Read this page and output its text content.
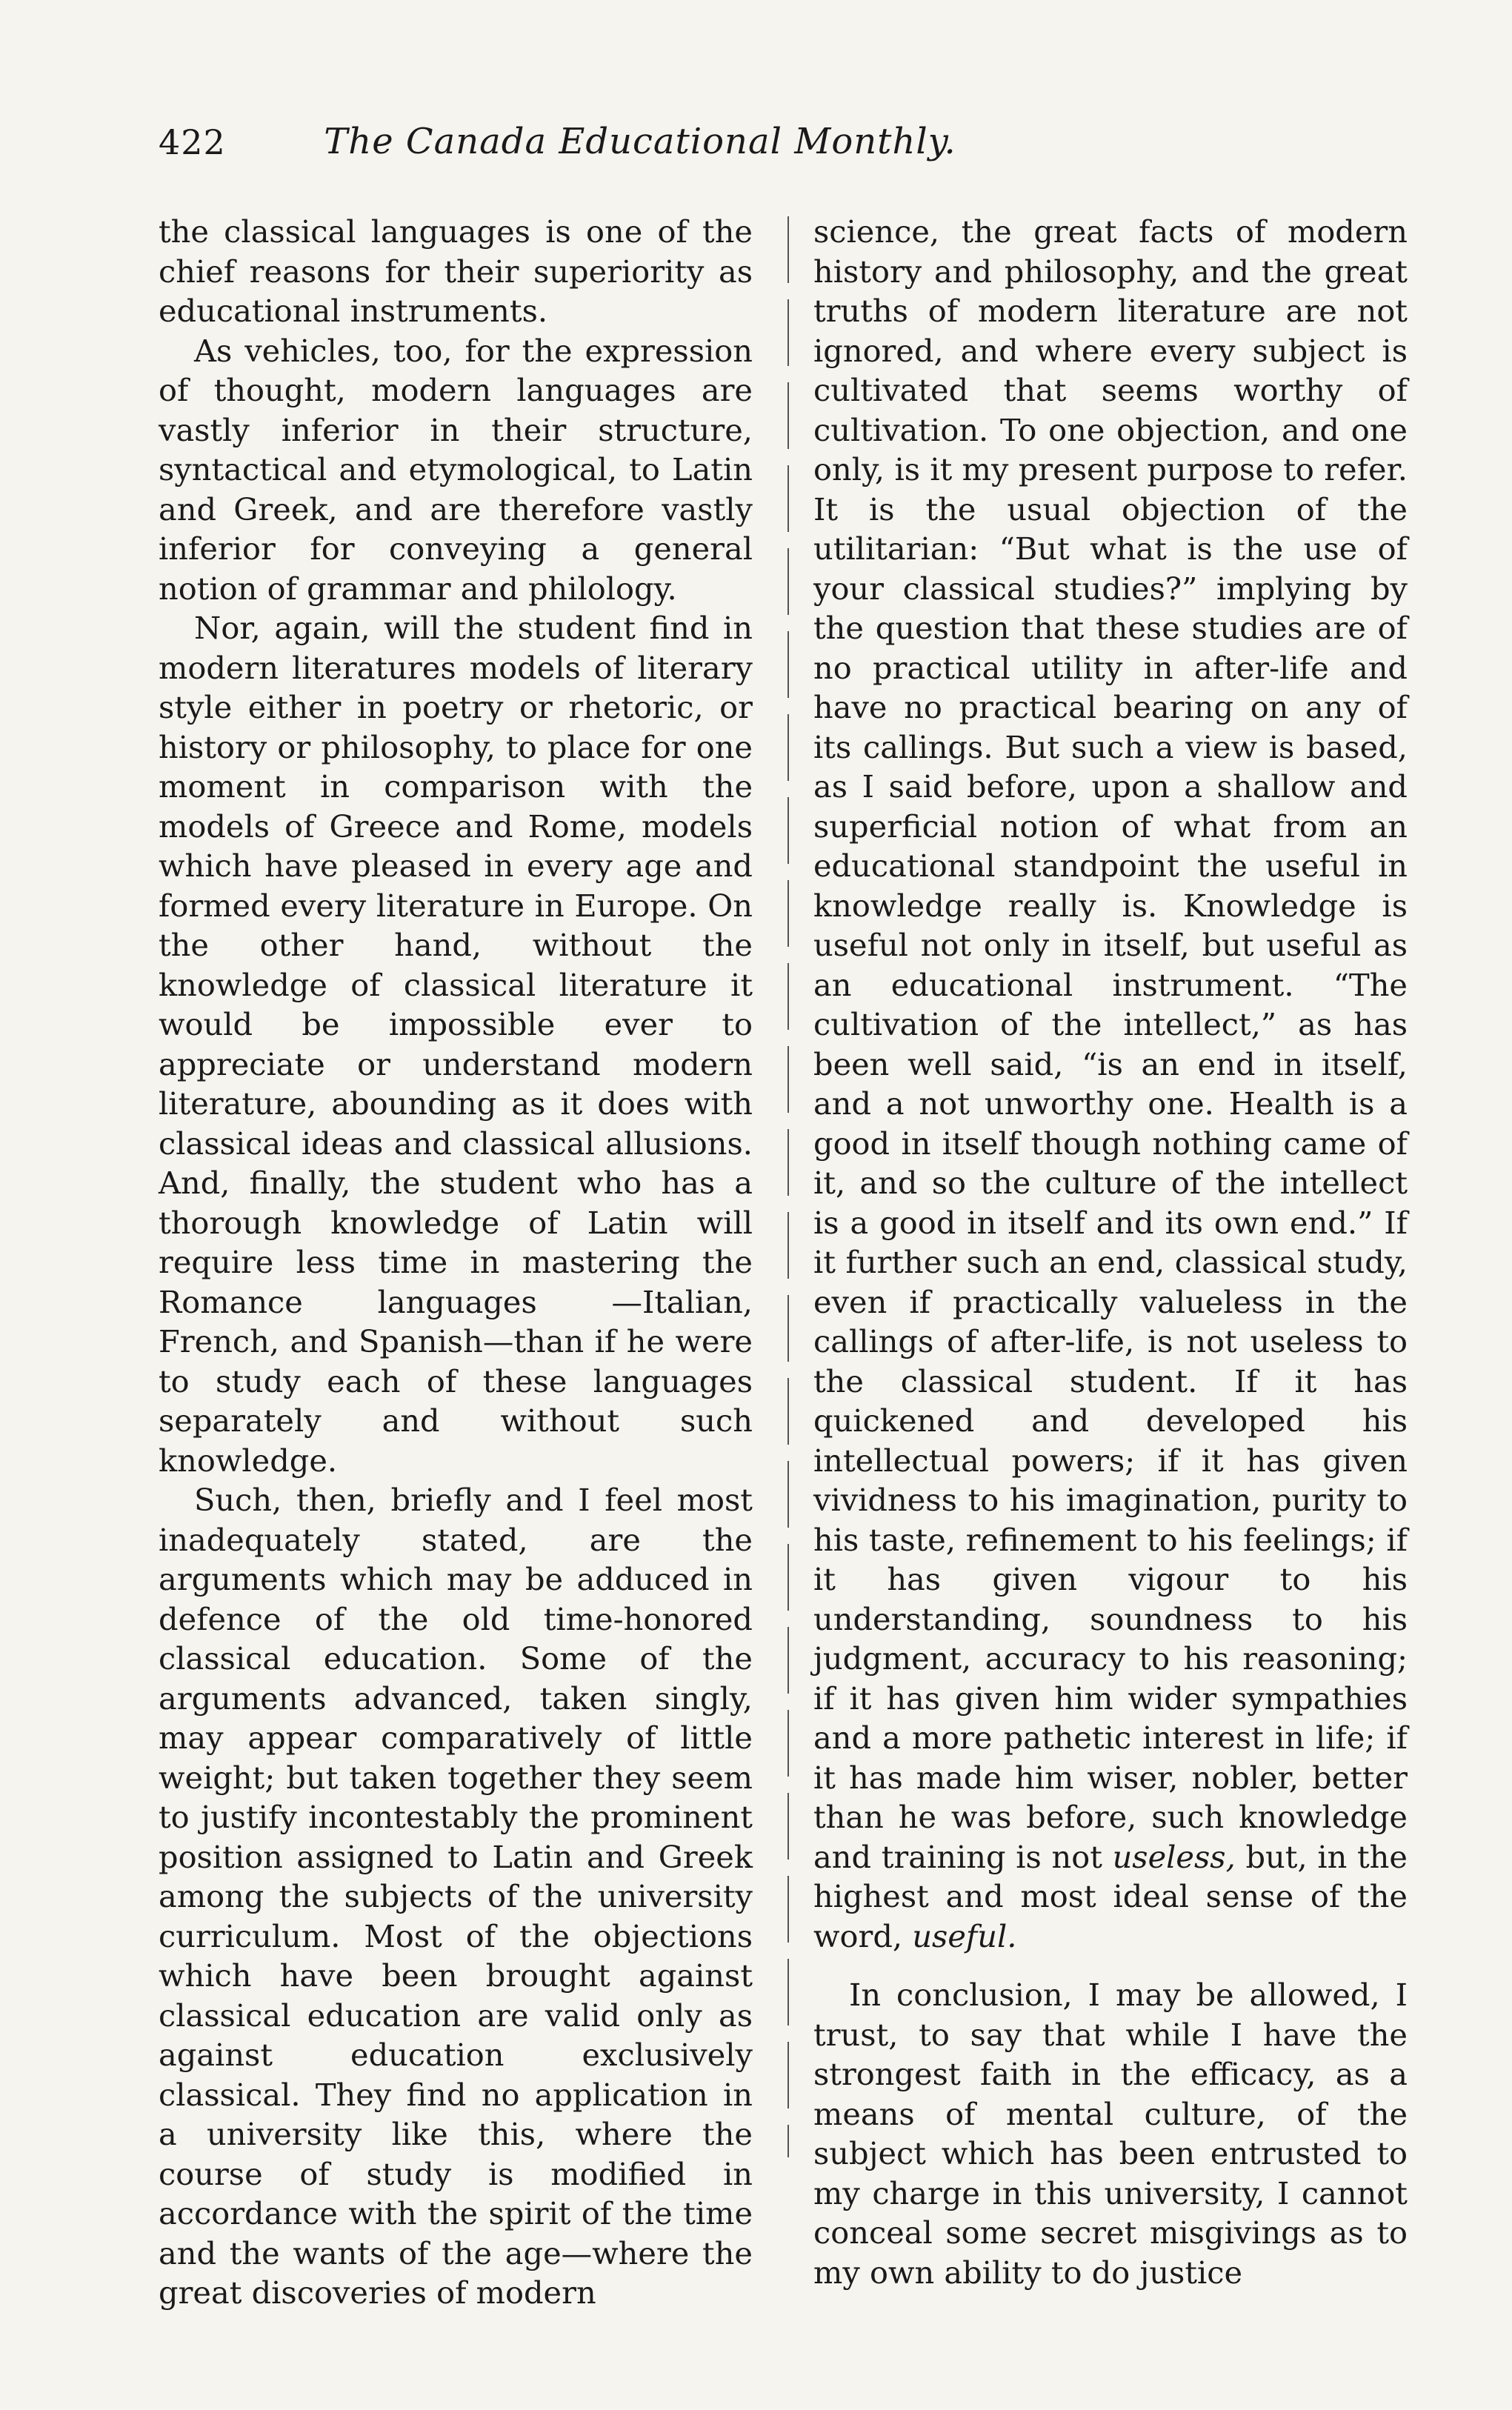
422	The Canada Educational Monthly.

the classical languages is one of the chief reasons for their superiority as educational instruments.

As vehicles, too, for the expression of thought, modern languages are vastly inferior in their structure, syntactical and etymological, to Latin and Greek, and are therefore vastly inferior for conveying a general notion of grammar and philology.

Nor, again, will the student find in modern literatures models of literary style either in poetry or rhetoric, or history or philosophy, to place for one moment in comparison with the models of Greece and Rome, models which have pleased in every age and formed every literature in Europe. On the other hand, without the knowledge of classical literature it would be impossible ever to appreciate or understand modern literature, abounding as it does with classical ideas and classical allusions. And, finally, the student who has a thorough knowledge of Latin will require less time in mastering the Romance languages —Italian, French, and Spanish—than if he were to study each of these languages separately and without such knowledge.

Such, then, briefly and I feel most inadequately stated, are the arguments which may be adduced in defence of the old time-honored classical education. Some of the arguments advanced, taken singly, may appear comparatively of little weight; but taken together they seem to justify incontestably the prominent position assigned to Latin and Greek among the subjects of the university curriculum. Most of the objections which have been brought against classical education are valid only as against education exclusively classical. They find no application in a university like this, where the course of study is modified in accordance with the spirit of the time and the wants of the age—where the great discoveries of modern

science, the great facts of modern history and philosophy, and the great truths of modern literature are not ignored, and where every subject is cultivated that seems worthy of cultivation. To one objection, and one only, is it my present purpose to refer. It is the usual objection of the utilitarian: “But what is the use of your classical studies?” implying by the question that these studies are of no practical utility in after-life and have no practical bearing on any of its callings. But such a view is based, as I said before, upon a shallow and superficial notion of what from an educational standpoint the useful in knowledge really is. Knowledge is useful not only in itself, but useful as an educational instrument. “The cultivation of the intellect,” as has been well said, “is an end in itself, and a not unworthy one. Health is a good in itself though nothing came of it, and so the culture of the intellect is a good in itself and its own end.” If it further such an end, classical study, even if practically valueless in the callings of after-life, is not useless to the classical student. If it has quickened and developed his intellectual powers; if it has given vividness to his imagination, purity to his taste, refinement to his feelings; if it has given vigour to his understanding, soundness to his judgment, accuracy to his reasoning; if it has given him wider sympathies and a more pathetic interest in life; if it has made him wiser, nobler, better than he was before, such knowledge and training is not useless, but, in the highest and most ideal sense of the word, useful.

In conclusion, I may be allowed, I trust, to say that while I have the strongest faith in the efficacy, as a means of mental culture, of the subject which has been entrusted to my charge in this university, I cannot conceal some secret misgivings as to my own ability to do justice
